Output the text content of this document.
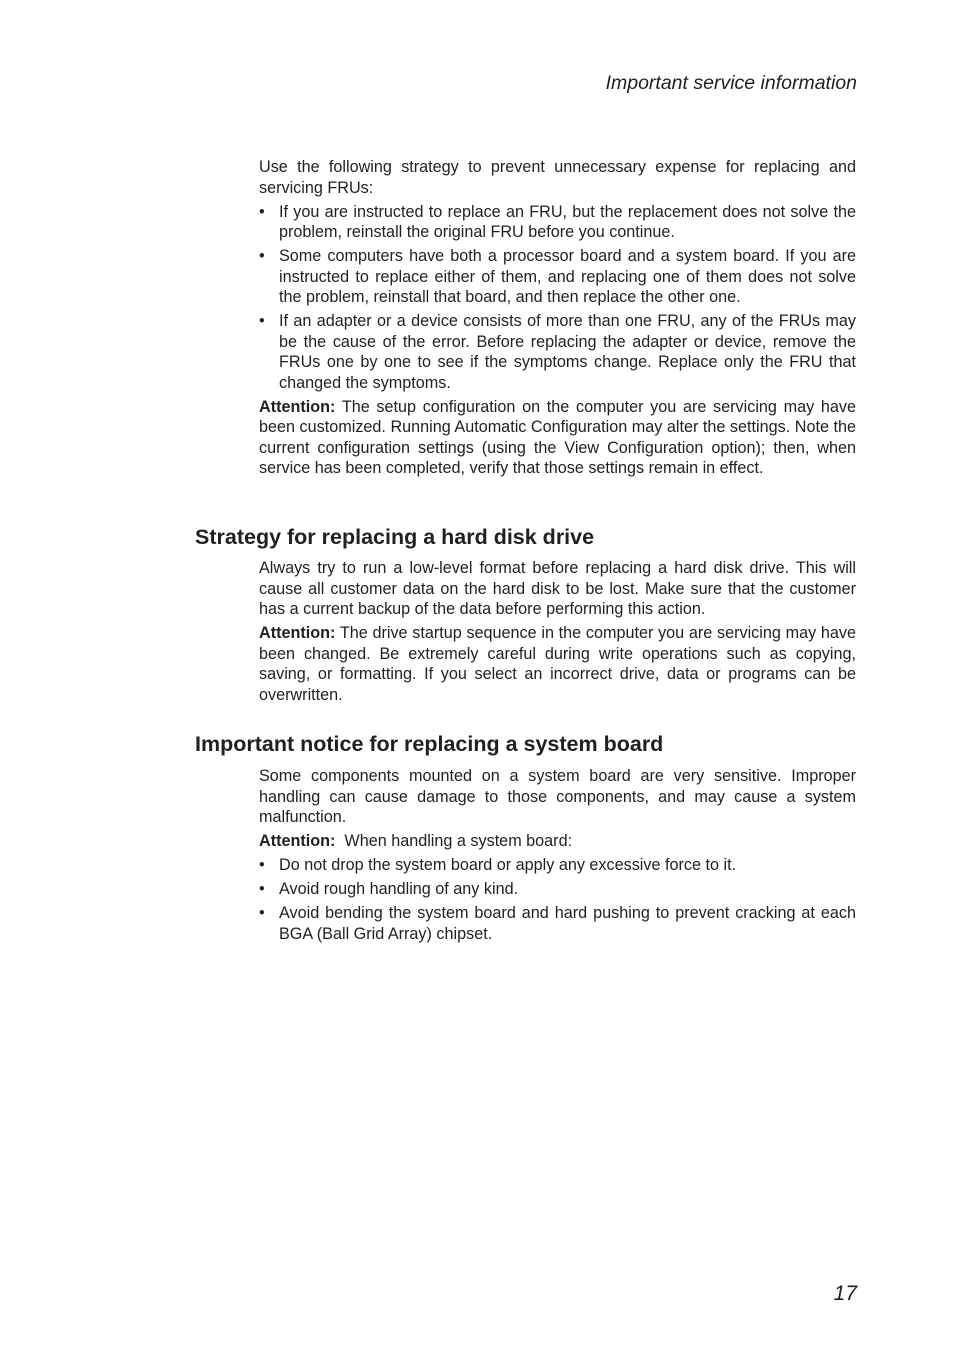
Important service information

Use the following strategy to prevent unnecessary expense for replacing and servicing FRUs:

• If you are instructed to replace an FRU, but the replacement does not solve the problem, reinstall the original FRU before you continue.
• Some computers have both a processor board and a system board. If you are instructed to replace either of them, and replacing one of them does not solve the problem, reinstall that board, and then replace the other one.
• If an adapter or a device consists of more than one FRU, any of the FRUs may be the cause of the error. Before replacing the adapter or device, remove the FRUs one by one to see if the symptoms change. Replace only the FRU that changed the symptoms.

Attention: The setup configuration on the computer you are servicing may have been customized. Running Automatic Configuration may alter the settings. Note the current configuration settings (using the View Configuration option); then, when service has been completed, verify that those settings remain in effect.

Strategy for replacing a hard disk drive

Always try to run a low-level format before replacing a hard disk drive. This will cause all customer data on the hard disk to be lost. Make sure that the customer has a current backup of the data before performing this action.

Attention: The drive startup sequence in the computer you are servicing may have been changed. Be extremely careful during write operations such as copying, saving, or formatting. If you select an incorrect drive, data or programs can be overwritten.

Important notice for replacing a system board

Some components mounted on a system board are very sensitive. Improper handling can cause damage to those components, and may cause a system malfunction.

Attention:  When handling a system board:

• Do not drop the system board or apply any excessive force to it.
• Avoid rough handling of any kind.
• Avoid bending the system board and hard pushing to prevent cracking at each BGA (Ball Grid Array) chipset.
17
